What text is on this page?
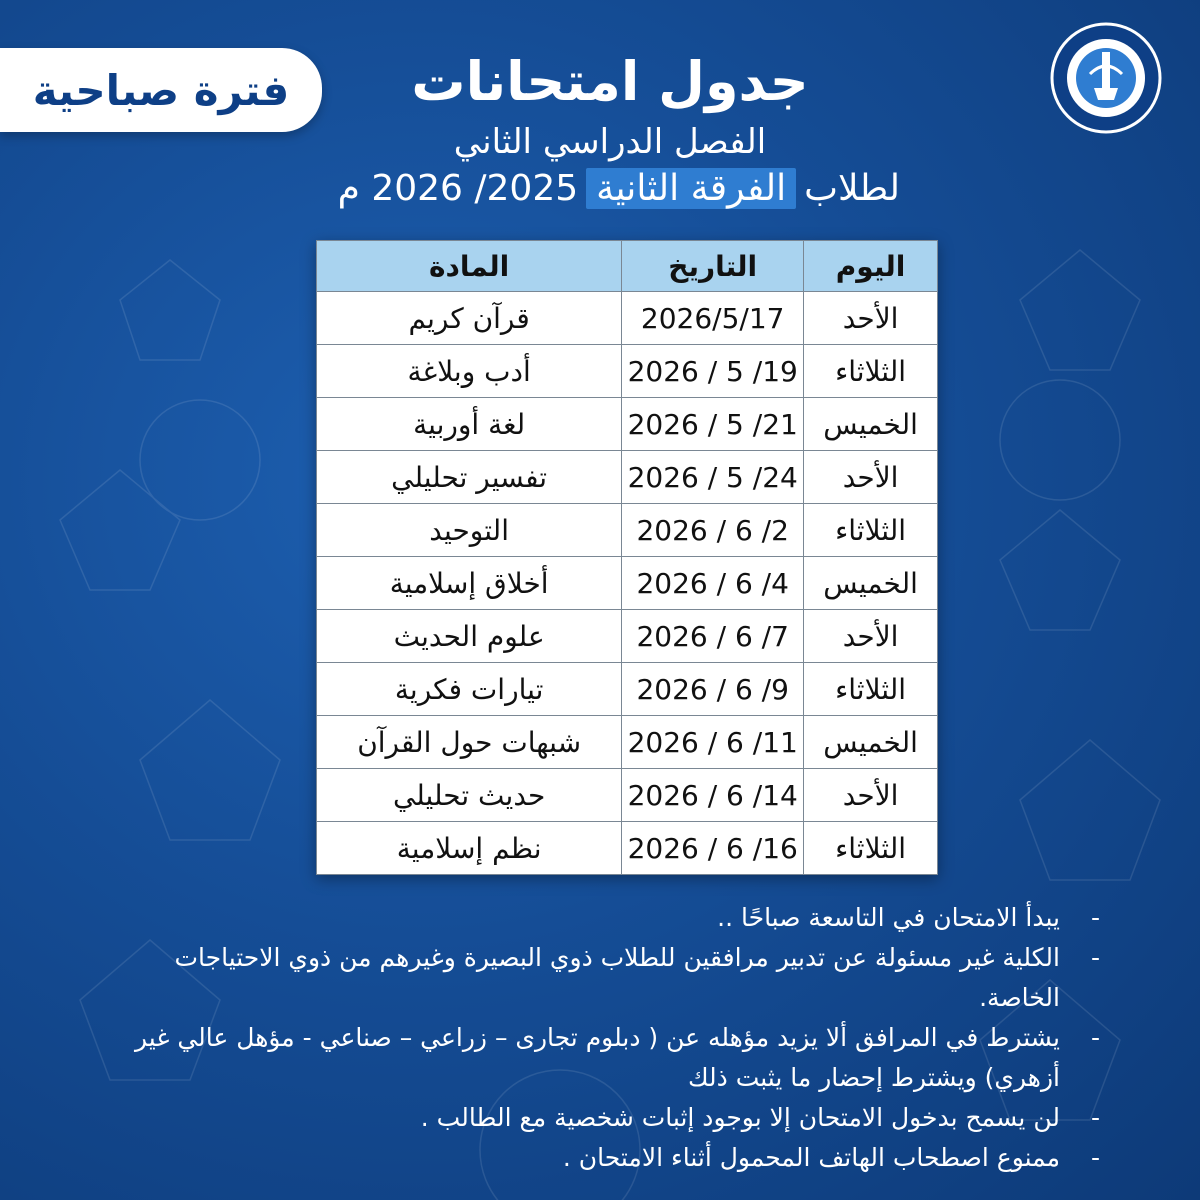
فترة صباحية	جدول امتحانات
الفصل الدراسي الثاني
لطلاب
الفرقة الثانية
2025/ 2026 م
اليوم	التاريخ	المادة
الأحد	2026/5/17	قرآن كريم
الثلاثاء	2026 / 5 /19	أدب وبلاغة
الخميس	2026 / 5 /21	لغة أوربية
الأحد	2026 / 5 /24	تفسير تحليلي
الثلاثاء	2026 / 6 /2	التوحيد
الخميس	2026 / 6 /4	أخلاق إسلامية
الأحد	2026 / 6 /7	علوم الحديث
الثلاثاء	2026 / 6 /9	تيارات فكرية
الخميس	2026 / 6 /11	شبهات حول القرآن
الأحد	2026 / 6 /14	حديث تحليلي
الثلاثاء	2026 / 6 /16	نظم إسلامية
-
يبدأ الامتحان في التاسعة صباحًا ..
-
الكلية غير مسئولة عن تدبير مرافقين للطلاب ذوي البصيرة وغيرهم من ذوي الاحتياجات الخاصة.
-
يشترط في المرافق ألا يزيد مؤهله عن ( دبلوم تجارى – زراعي – صناعي - مؤهل عالي غير أزهري) ويشترط إحضار ما يثبت ذلك
-
لن يسمح بدخول الامتحان إلا بوجود إثبات شخصية مع الطالب .
-
ممنوع اصطحاب الهاتف المحمول أثناء الامتحان .
